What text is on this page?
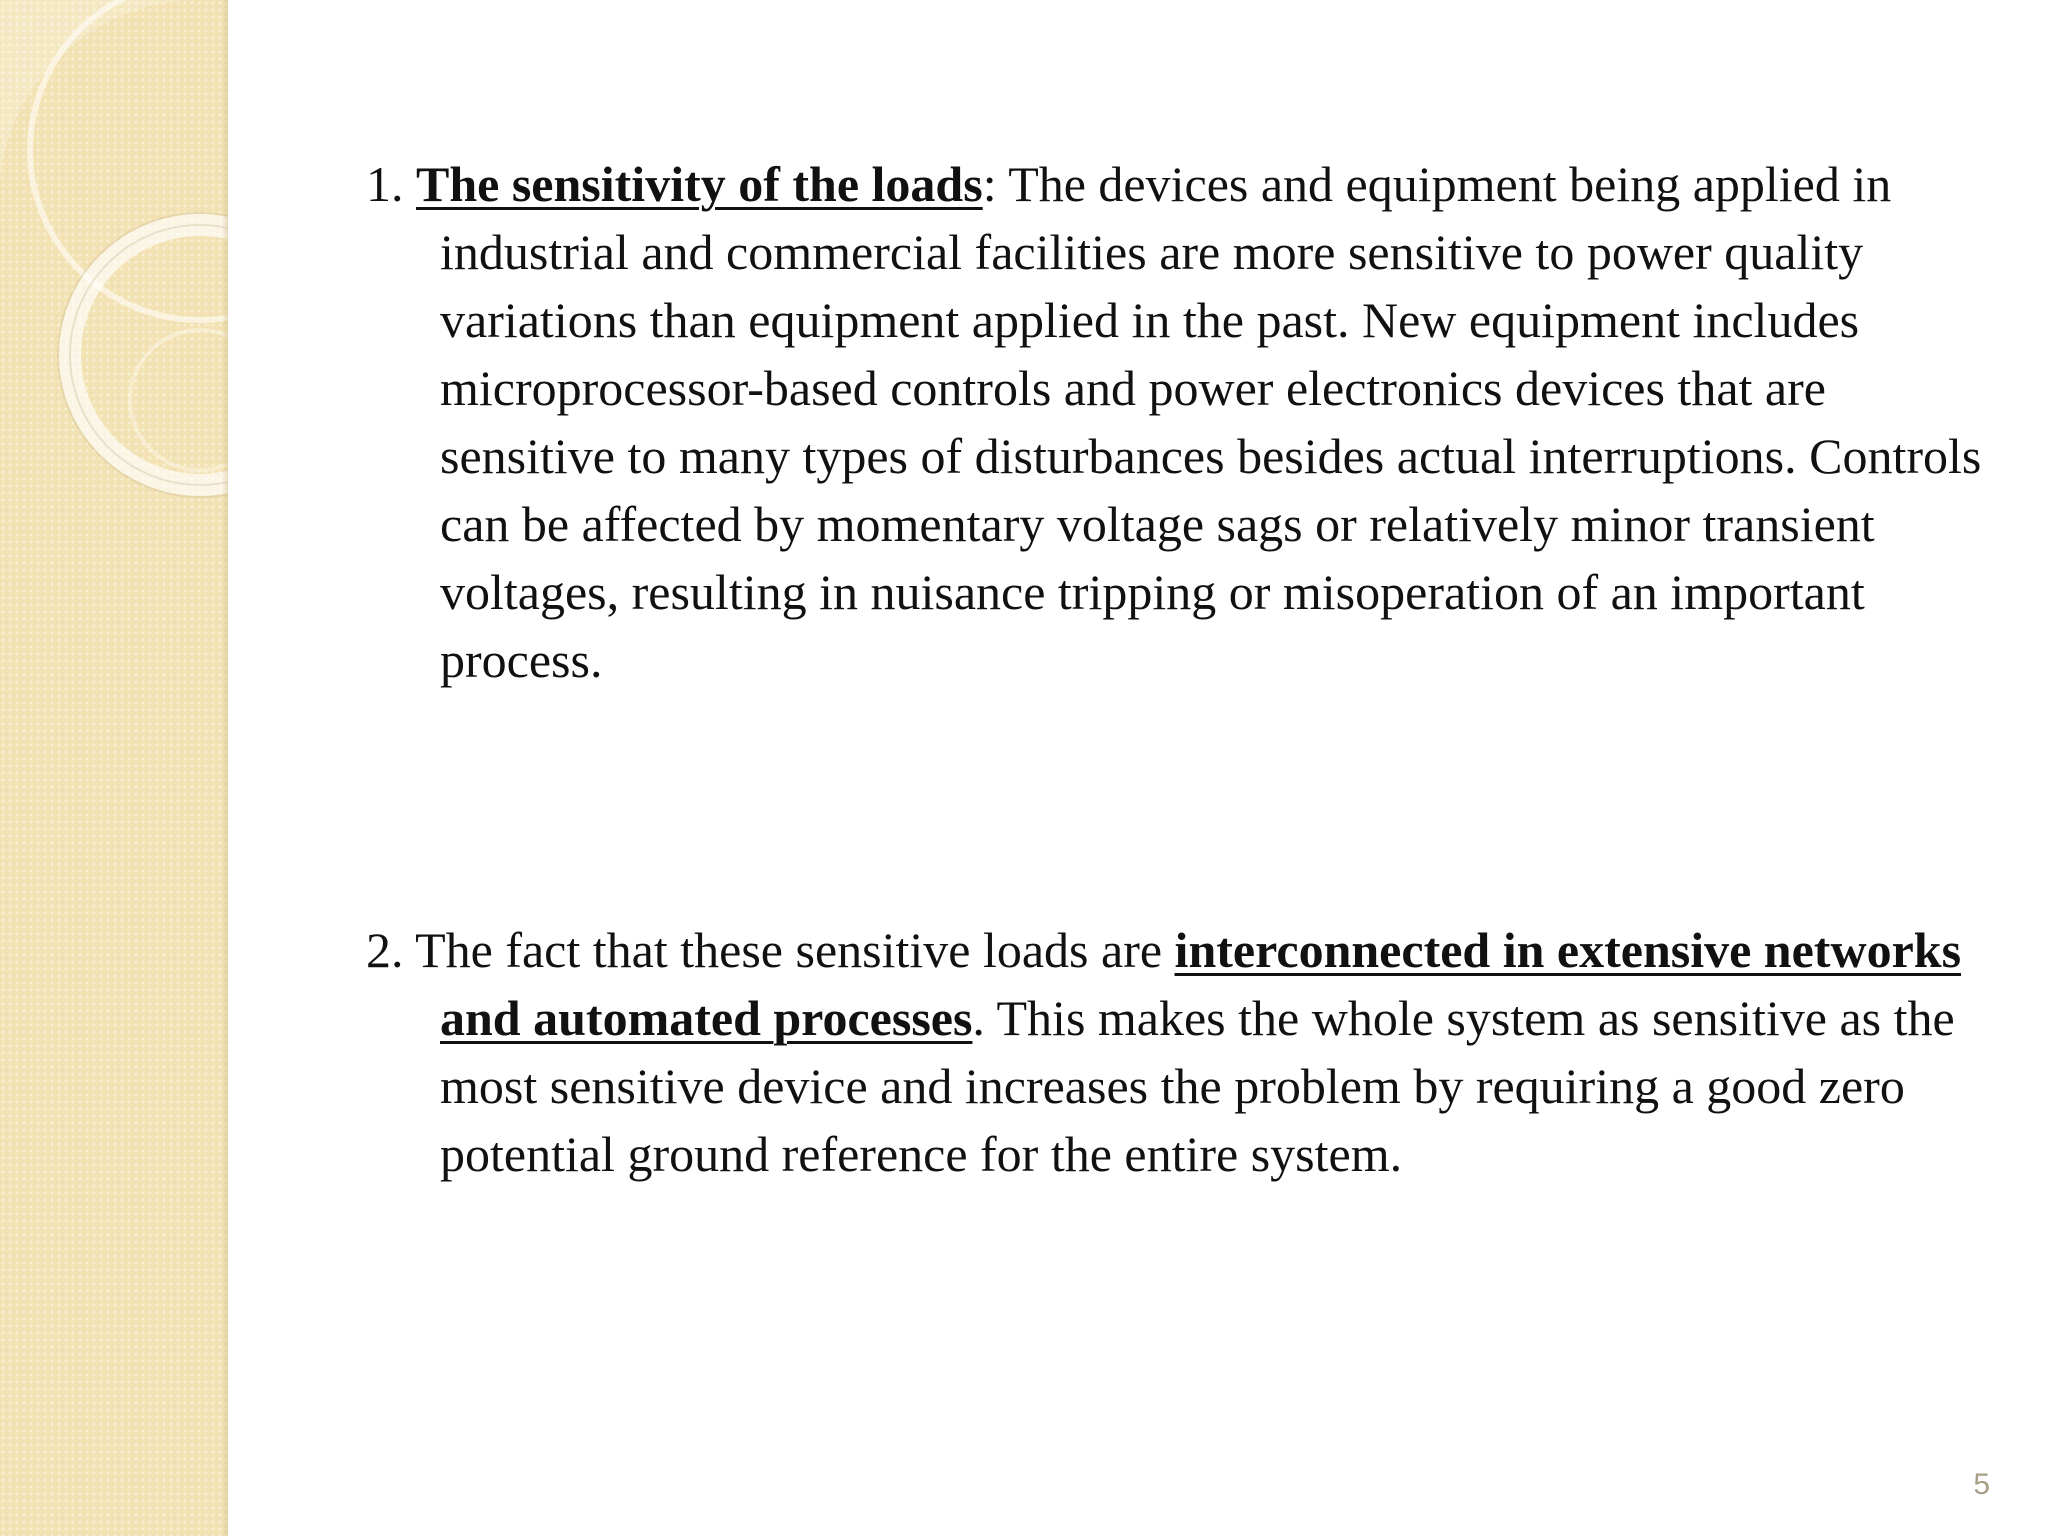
1. The sensitivity of the loads: The devices and equipment being applied in industrial and commercial facilities are more sensitive to power quality variations than equipment applied in the past. New equipment includes microprocessor-based controls and power electronics devices that are sensitive to many types of disturbances besides actual interruptions. Controls can be affected by momentary voltage sags or relatively minor transient voltages, resulting in nuisance tripping or misoperation of an important process.

2. The fact that these sensitive loads are interconnected in extensive networks and automated processes. This makes the whole system as sensitive as the most sensitive device and increases the problem by requiring a good zero potential ground reference for the entire system.

5
